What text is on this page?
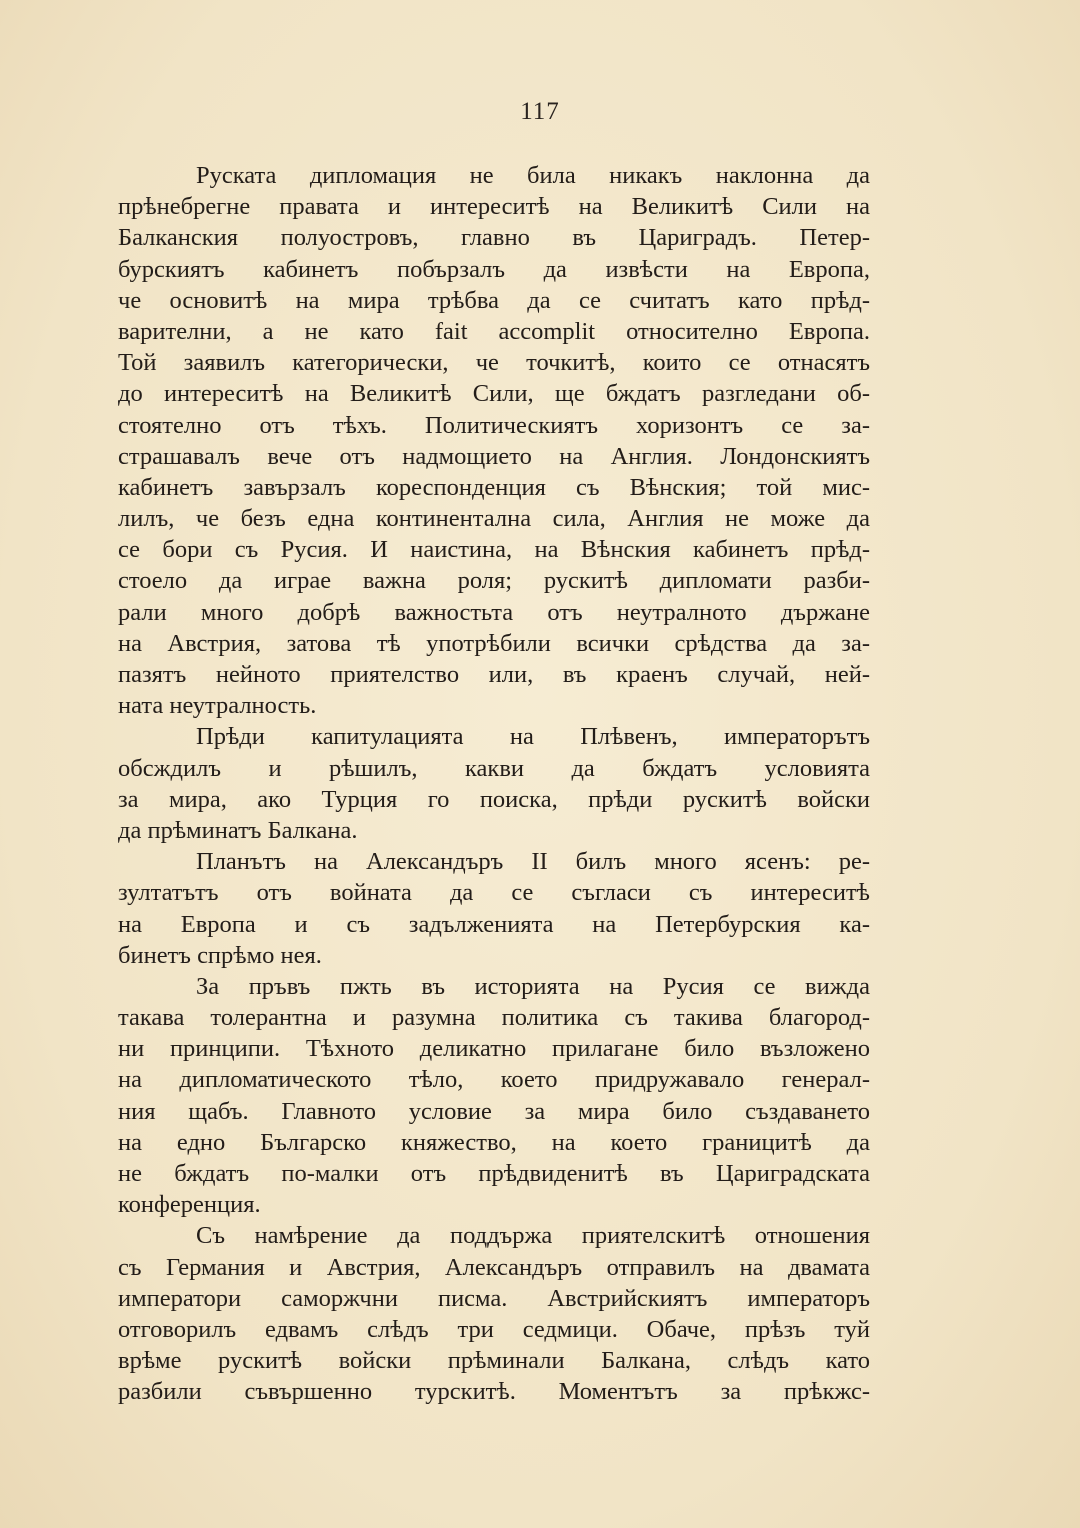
117
Руската дипломация не била никакъ наклонна да
прѣнебрегне правата и интереситѣ на Великитѣ Сили на
Балканския полуостровъ, главно въ Цариградъ. Петер-
бурскиятъ кабинетъ побързалъ да извѣсти на Европа,
че основитѣ на мира трѣбва да се считатъ като прѣд-
варителни, а не като fait accomplit относително Европа.
Той заявилъ категорически, че точкитѣ, които се отнасятъ
до интереситѣ на Великитѣ Сили, ще бждатъ разгледани об-
стоятелно отъ тѣхъ. Политическиятъ хоризонтъ се за-
страшавалъ вече отъ надмощието на Англия. Лондонскиятъ
кабинетъ завързалъ кореспонденция съ Вѣнския; той мис-
лилъ, че безъ една континентална сила, Англия не може да
се бори съ Русия. И наистина, на Вѣнския кабинетъ прѣд-
стоело да играе важна роля; рускитѣ дипломати разби-
рали много добрѣ важностьта отъ неутралното държане
на Австрия, затова тѣ употрѣбили всички срѣдства да за-
пазятъ нейното приятелство или, въ краенъ случай, ней-
ната неутралность.
Прѣди капитулацията на Плѣвенъ, императорътъ
обсждилъ и рѣшилъ, какви да бждатъ условията
за мира, ако Турция го поиска, прѣди рускитѣ войски
да прѣминатъ Балкана.
Планътъ на Александъръ II билъ много ясенъ: ре-
зултатътъ отъ войната да се съгласи съ интереситѣ
на Европа и съ задълженията на Петербурския ка-
бинетъ спрѣмо нея.
За пръвъ пжть въ историята на Русия се вижда
такава толерантна и разумна политика съ такива благород-
ни принципи. Тѣхното деликатно прилагане било възложено
на дипломатическото тѣло, което придружавало генерал-
ния щабъ. Главното условие за мира било създаването
на едно Българско княжество, на което границитѣ да
не бждатъ по-малки отъ прѣдвиденитѣ въ Цариградската
конференция.
Съ намѣрение да поддържа приятелскитѣ отношения
съ Германия и Австрия, Александъръ отправилъ на двамата
императори саморжчни писма. Австрийскиятъ императоръ
отговорилъ едвамъ слѣдъ три седмици. Обаче, прѣзъ туй
врѣме рускитѣ войски прѣминали Балкана, слѣдъ като
разбили съвършенно турскитѣ. Моментътъ за прѣкжс-
